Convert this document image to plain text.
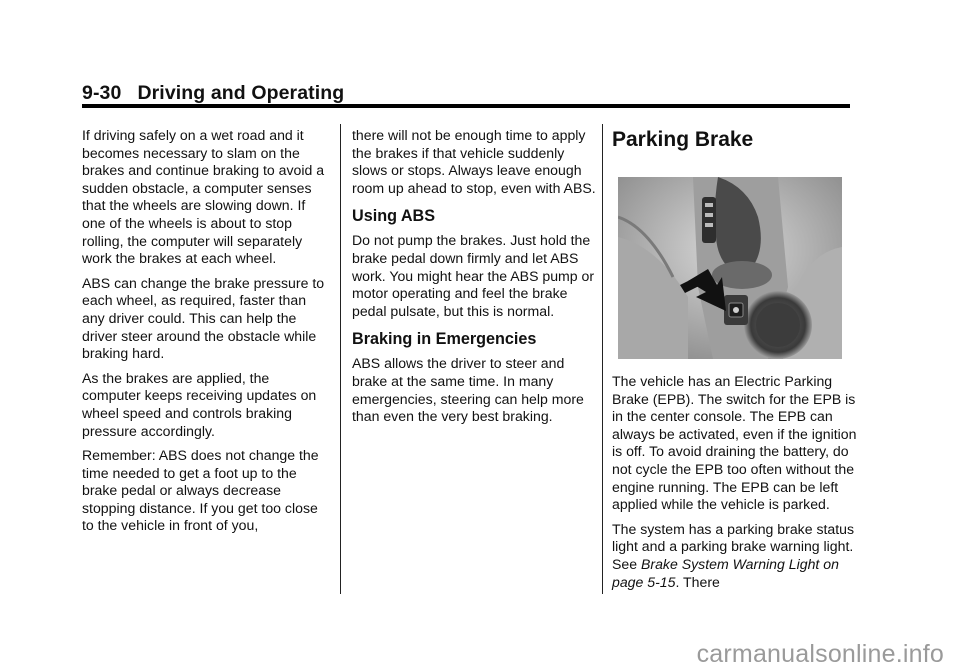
9-30 Driving and Operating

If driving safely on a wet road and it becomes necessary to slam on the brakes and continue braking to avoid a sudden obstacle, a computer senses that the wheels are slowing down. If one of the wheels is about to stop rolling, the computer will separately work the brakes at each wheel.

ABS can change the brake pressure to each wheel, as required, faster than any driver could. This can help the driver steer around the obstacle while braking hard.

As the brakes are applied, the computer keeps receiving updates on wheel speed and controls braking pressure accordingly.

Remember: ABS does not change the time needed to get a foot up to the brake pedal or always decrease stopping distance. If you get too close to the vehicle in front of you,

there will not be enough time to apply the brakes if that vehicle suddenly slows or stops. Always leave enough room up ahead to stop, even with ABS.

Using ABS

Do not pump the brakes. Just hold the brake pedal down firmly and let ABS work. You might hear the ABS pump or motor operating and feel the brake pedal pulsate, but this is normal.

Braking in Emergencies

ABS allows the driver to steer and brake at the same time. In many emergencies, steering can help more than even the very best braking.

Parking Brake

The vehicle has an Electric Parking Brake (EPB). The switch for the EPB is in the center console. The EPB can always be activated, even if the ignition is off. To avoid draining the battery, do not cycle the EPB too often without the engine running. The EPB can be left applied while the vehicle is parked.

The system has a parking brake status light and a parking brake warning light. See Brake System Warning Light on page 5-15. There

carmanualsonline.info
